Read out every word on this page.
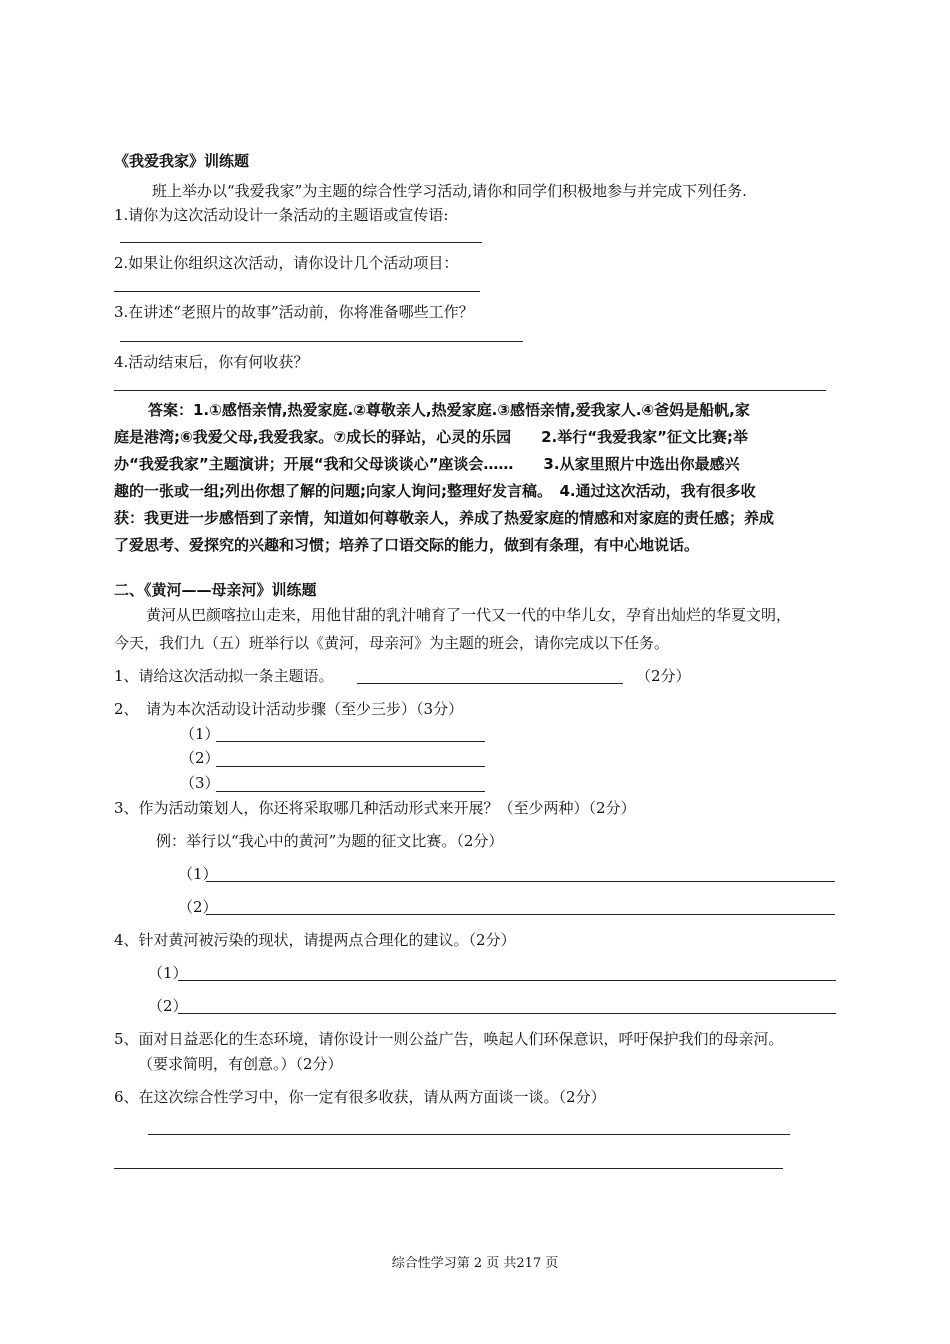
《我爱我家》训练题
班上举办以“我爱我家”为主题的综合性学习活动,请你和同学们积极地参与并完成下列任务.
1.请你为这次活动设计一条活动的主题语或宣传语:
2.如果让你组织这次活动，请你设计几个活动项目：
3.在讲述“老照片的故事”活动前，你将准备哪些工作？
4.活动结束后，你有何收获？

答案：1.①感悟亲情,热爱家庭.②尊敬亲人,热爱家庭.③感悟亲情,爱我家人.④爸妈是船帆,家

庭是港湾;⑥我爱父母,我爱我家。⑦成长的驿站，心灵的乐园　　2.举行“我爱我家”征文比赛;举

办“我爱我家”主题演讲；开展“我和父母谈谈心”座谈会……　　3.从家里照片中选出你最感兴

趣的一张或一组;列出你想了解的问题;向家人询问;整理好发言稿。　4.通过这次活动，我有很多收

获：我更进一步感悟到了亲情，知道如何尊敬亲人，养成了热爱家庭的情感和对家庭的责任感；养成

了爱思考、爱探究的兴趣和习惯；培养了口语交际的能力，做到有条理，有中心地说话。

二、《黄河——母亲河》训练题
黄河从巴颜喀拉山走来，用他甘甜的乳汁哺育了一代又一代的中华儿女，孕育出灿烂的华夏文明，
今天，我们九（五）班举行以《黄河，母亲河》为主题的班会，请你完成以下任务。
1、请给这次活动拟一条主题语。	（2分）
2、　请为本次活动设计活动步骤（至少三步）（3分）
（1）
（2）
（3）
3、作为活动策划人，你还将采取哪几种活动形式来开展？（至少两种）（2分）
例：举行以“我心中的黄河”为题的征文比赛。（2分）
（1）
（2）
4、针对黄河被污染的现状，请提两点合理化的建议。（2分）
（1）
（2）
5、面对日益恶化的生态环境，请你设计一则公益广告，唤起人们环保意识，呼吁保护我们的母亲河。
（要求简明，有创意。）（2分）
6、在这次综合性学习中，你一定有很多收获，请从两方面谈一谈。（2分）
综合性学习第 2 页 共217 页
